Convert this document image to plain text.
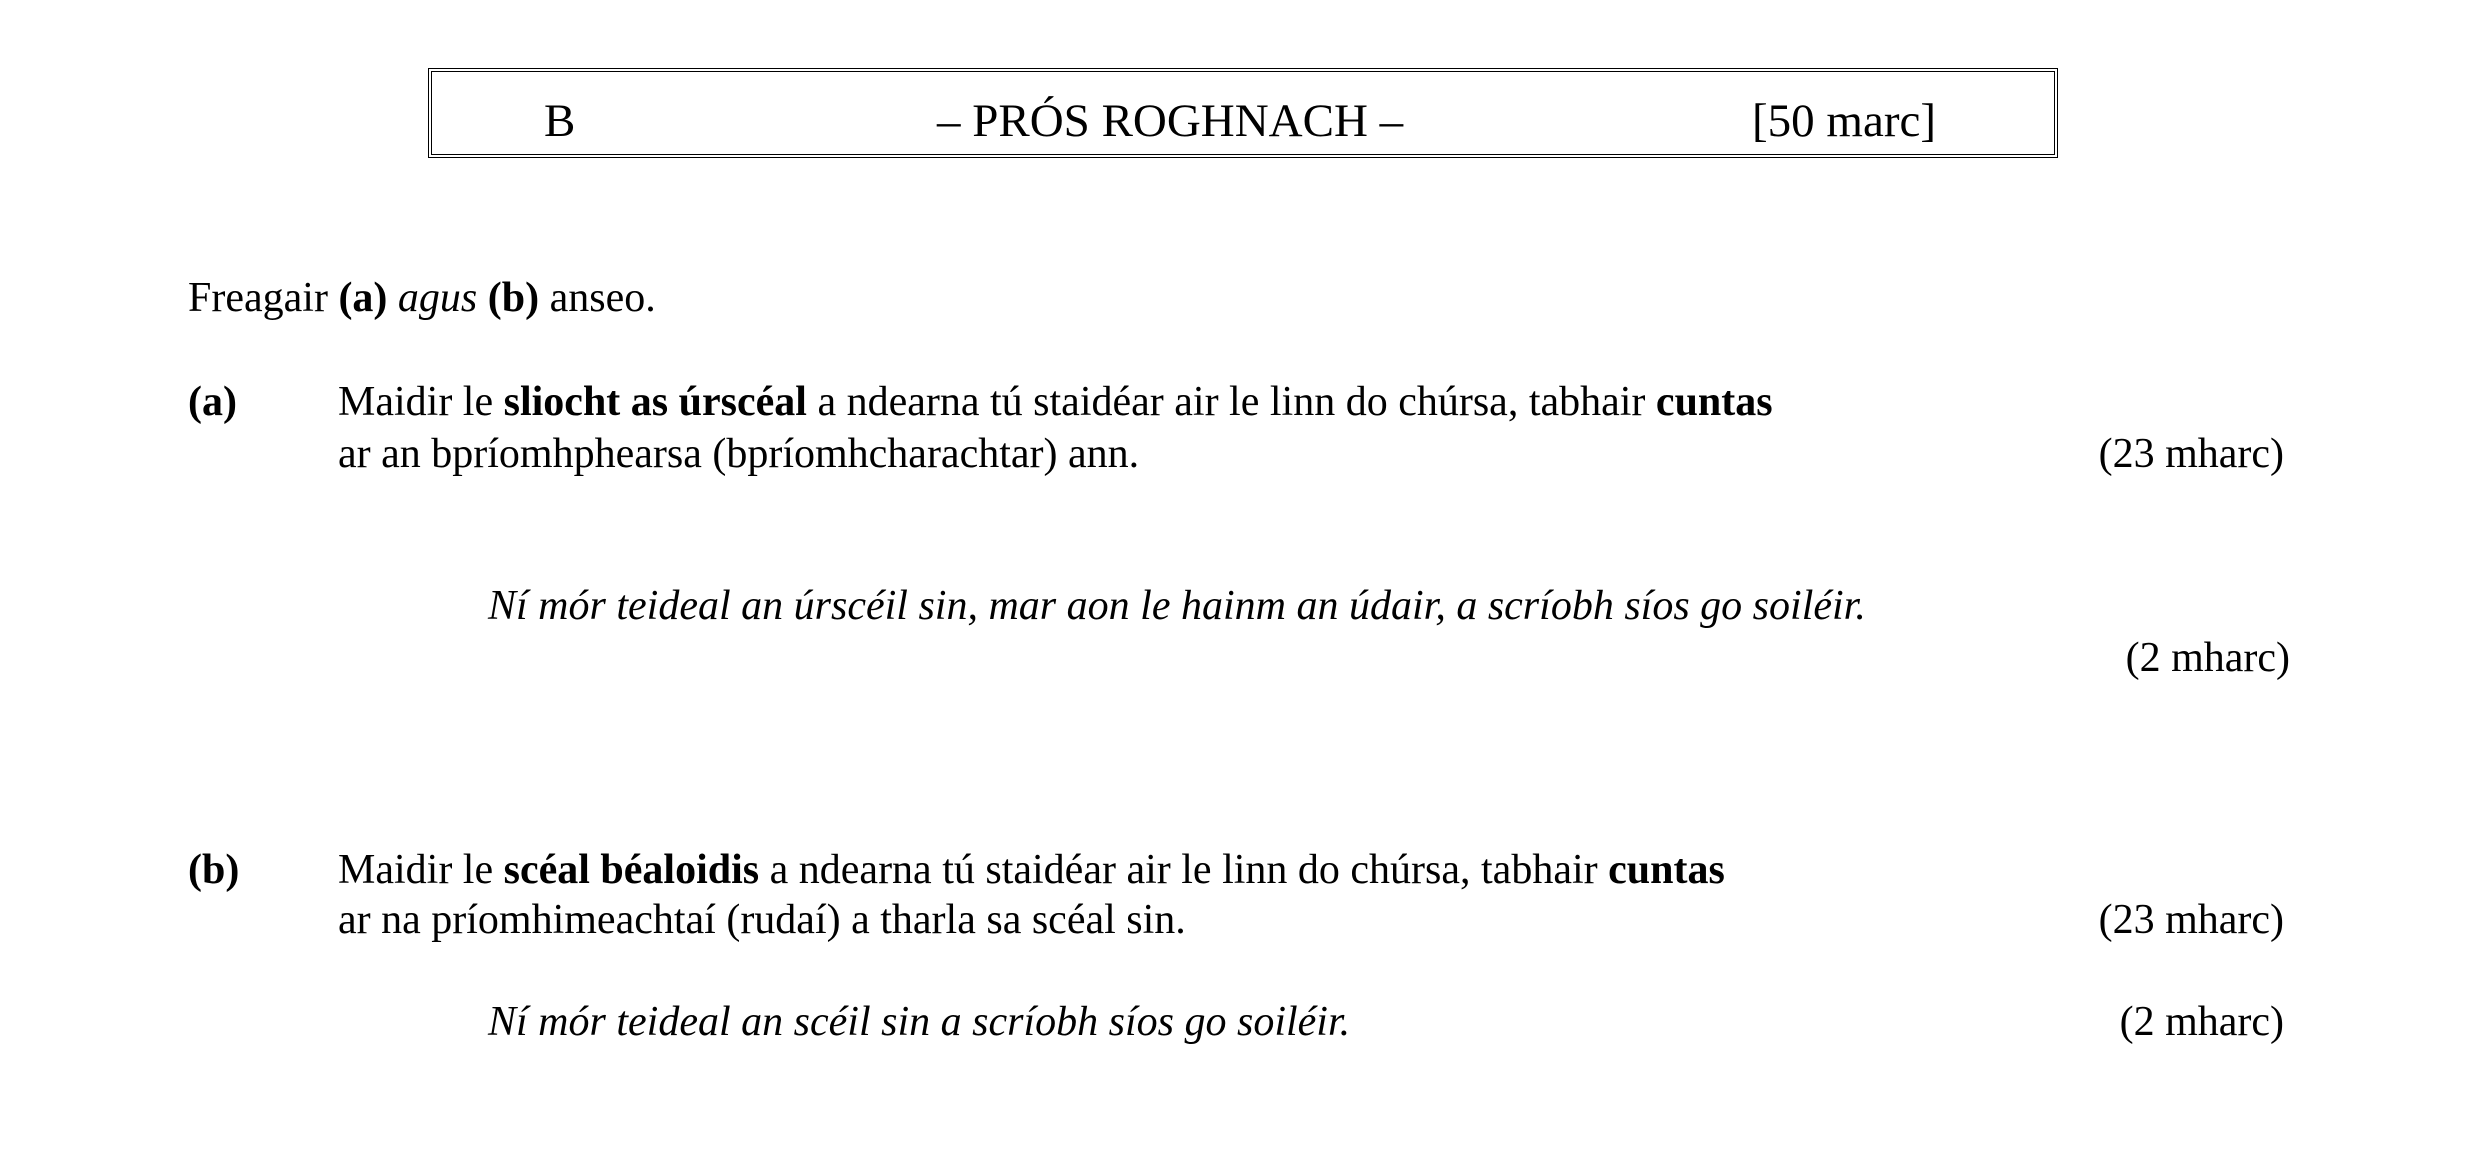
B	– PRÓS ROGHNACH –	[50 marc]
Freagair (a) agus (b) anseo.
(a) Maidir le sliocht as úrscéal a ndearna tú staidéar air le linn do chúrsa, tabhair cuntas
ar an bpríomhphearsa (bpríomhcharachtar) ann.	(23 mharc)
Ní mór teideal an úrscéil sin, mar aon le hainm an údair, a scríobh síos go soiléir.
(2 mharc)
(b) Maidir le scéal béaloidis a ndearna tú staidéar air le linn do chúrsa, tabhair cuntas
ar na príomhimeachtaí (rudaí) a tharla sa scéal sin.	(23 mharc)
Ní mór teideal an scéil sin a scríobh síos go soiléir.	(2 mharc)
